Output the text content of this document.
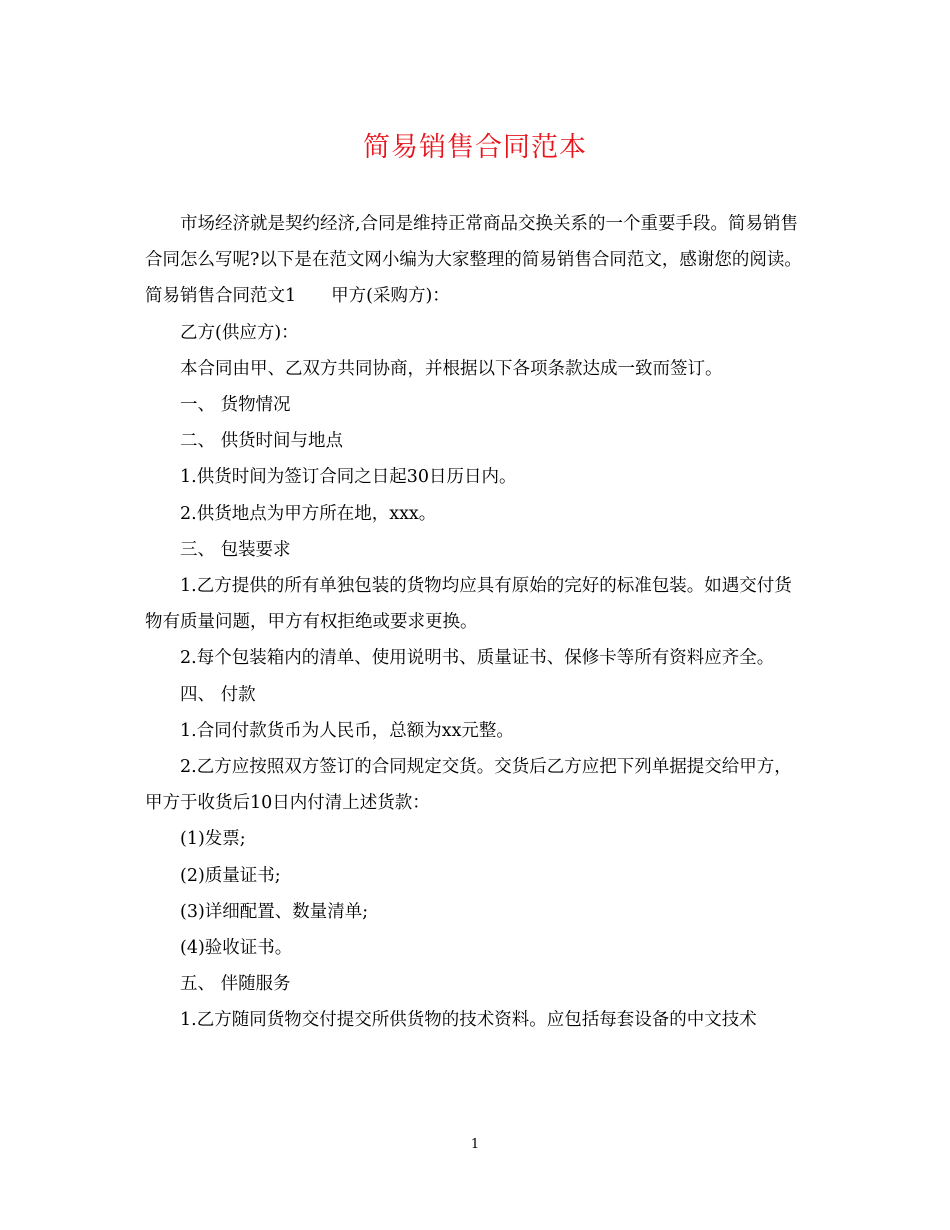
简易销售合同范本

市场经济就是契约经济,合同是维持正常商品交换关系的一个重要手段。简易销售合同怎么写呢?以下是在范文网小编为大家整理的简易销售合同范文，感谢您的阅读。

简易销售合同范文1　　甲方(采购方)：

乙方(供应方)：

本合同由甲、乙双方共同协商，并根据以下各项条款达成一致而签订。

一、 货物情况

二、 供货时间与地点

1.供货时间为签订合同之日起30日历日内。

2.供货地点为甲方所在地，xxx。

三、 包装要求

1.乙方提供的所有单独包装的货物均应具有原始的完好的标准包装。如遇交付货物有质量问题，甲方有权拒绝或要求更换。

2.每个包装箱内的清单、使用说明书、质量证书、保修卡等所有资料应齐全。

四、 付款

1.合同付款货币为人民币，总额为xx元整。

2.乙方应按照双方签订的合同规定交货。交货后乙方应把下列单据提交给甲方，甲方于收货后10日内付清上述货款：

(1)发票;

(2)质量证书;

(3)详细配置、数量清单;

(4)验收证书。

五、 伴随服务

1.乙方随同货物交付提交所供货物的技术资料。应包括每套设备的中文技术

1
